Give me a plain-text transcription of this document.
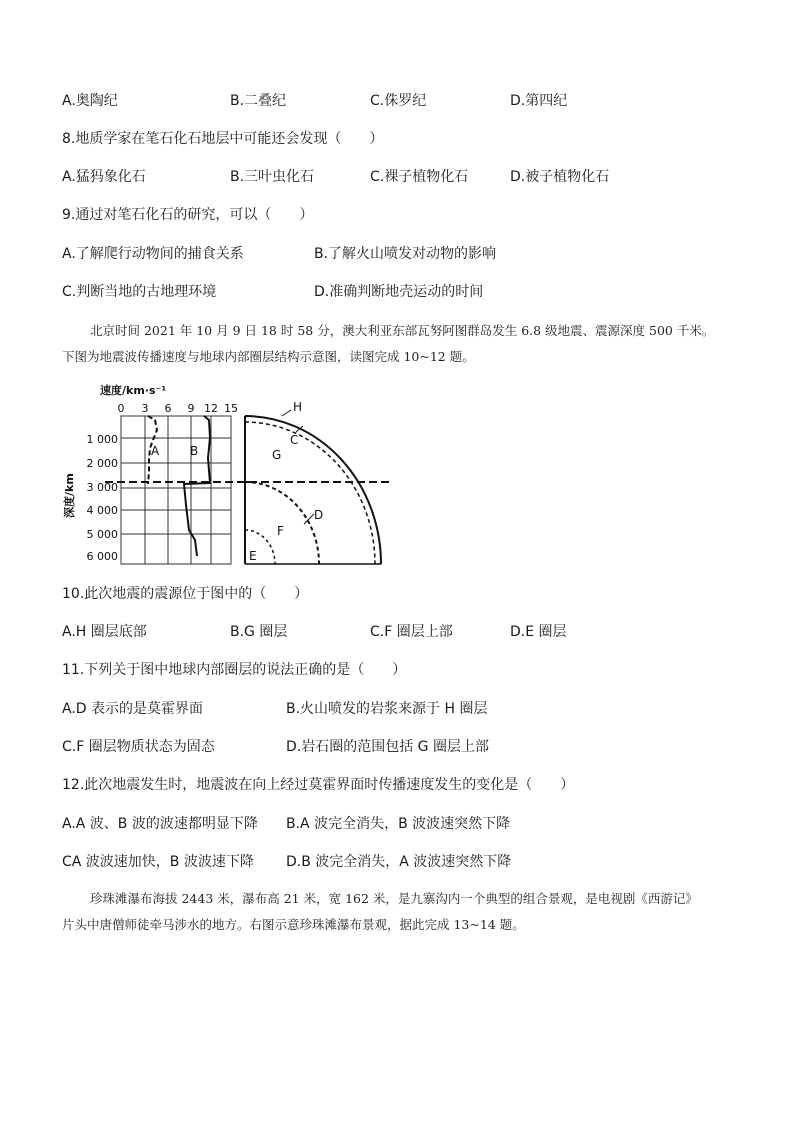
A.奥陶纪	B.二叠纪	C.侏罗纪	D.第四纪
8.地质学家在笔石化石地层中可能还会发现（　　）
A.猛犸象化石	B.三叶虫化石	C.裸子植物化石	D.被子植物化石
9.通过对笔石化石的研究，可以（　　）
A.了解爬行动物间的捕食关系	B.了解火山喷发对动物的影响
C.判断当地的古地理环境	D.准确判断地壳运动的时间

北京时间 2021 年 10 月 9 日 18 时 58 分，澳大利亚东部瓦努阿图群岛发生 6.8 级地震、震源深度 500 千米。

下图为地震波传播速度与地球内部圈层结构示意图，读图完成 10~12 题。

速度/km·s⁻¹
0 3 6 9 12 15
1 000
2 000
3 000
4 000
5 000
6 000
深度/km
A	B
H
C
G
D
F
E
10.此次地震的震源位于图中的（　　）
A.H 圈层底部	B.G 圈层	C.F 圈层上部	D.E 圈层
11.下列关于图中地球内部圈层的说法正确的是（　　）
A.D 表示的是莫霍界面	B.火山喷发的岩浆来源于 H 圈层
C.F 圈层物质状态为固态	D.岩石圈的范围包括 G 圈层上部
12.此次地震发生时，地震波在向上经过莫霍界面时传播速度发生的变化是（　　）
A.A 波、B 波的波速都明显下降 B.A 波完全消失，B 波波速突然下降
CA 波波速加快，B 波波速下降 D.B 波完全消失，A 波波速突然下降

珍珠滩瀑布海拔 2443 米，瀑布高 21 米，宽 162 米，是九寨沟内一个典型的组合景观，是电视剧《西游记》

片头中唐僧师徒牵马涉水的地方。右图示意珍珠滩瀑布景观，据此完成 13~14 题。
